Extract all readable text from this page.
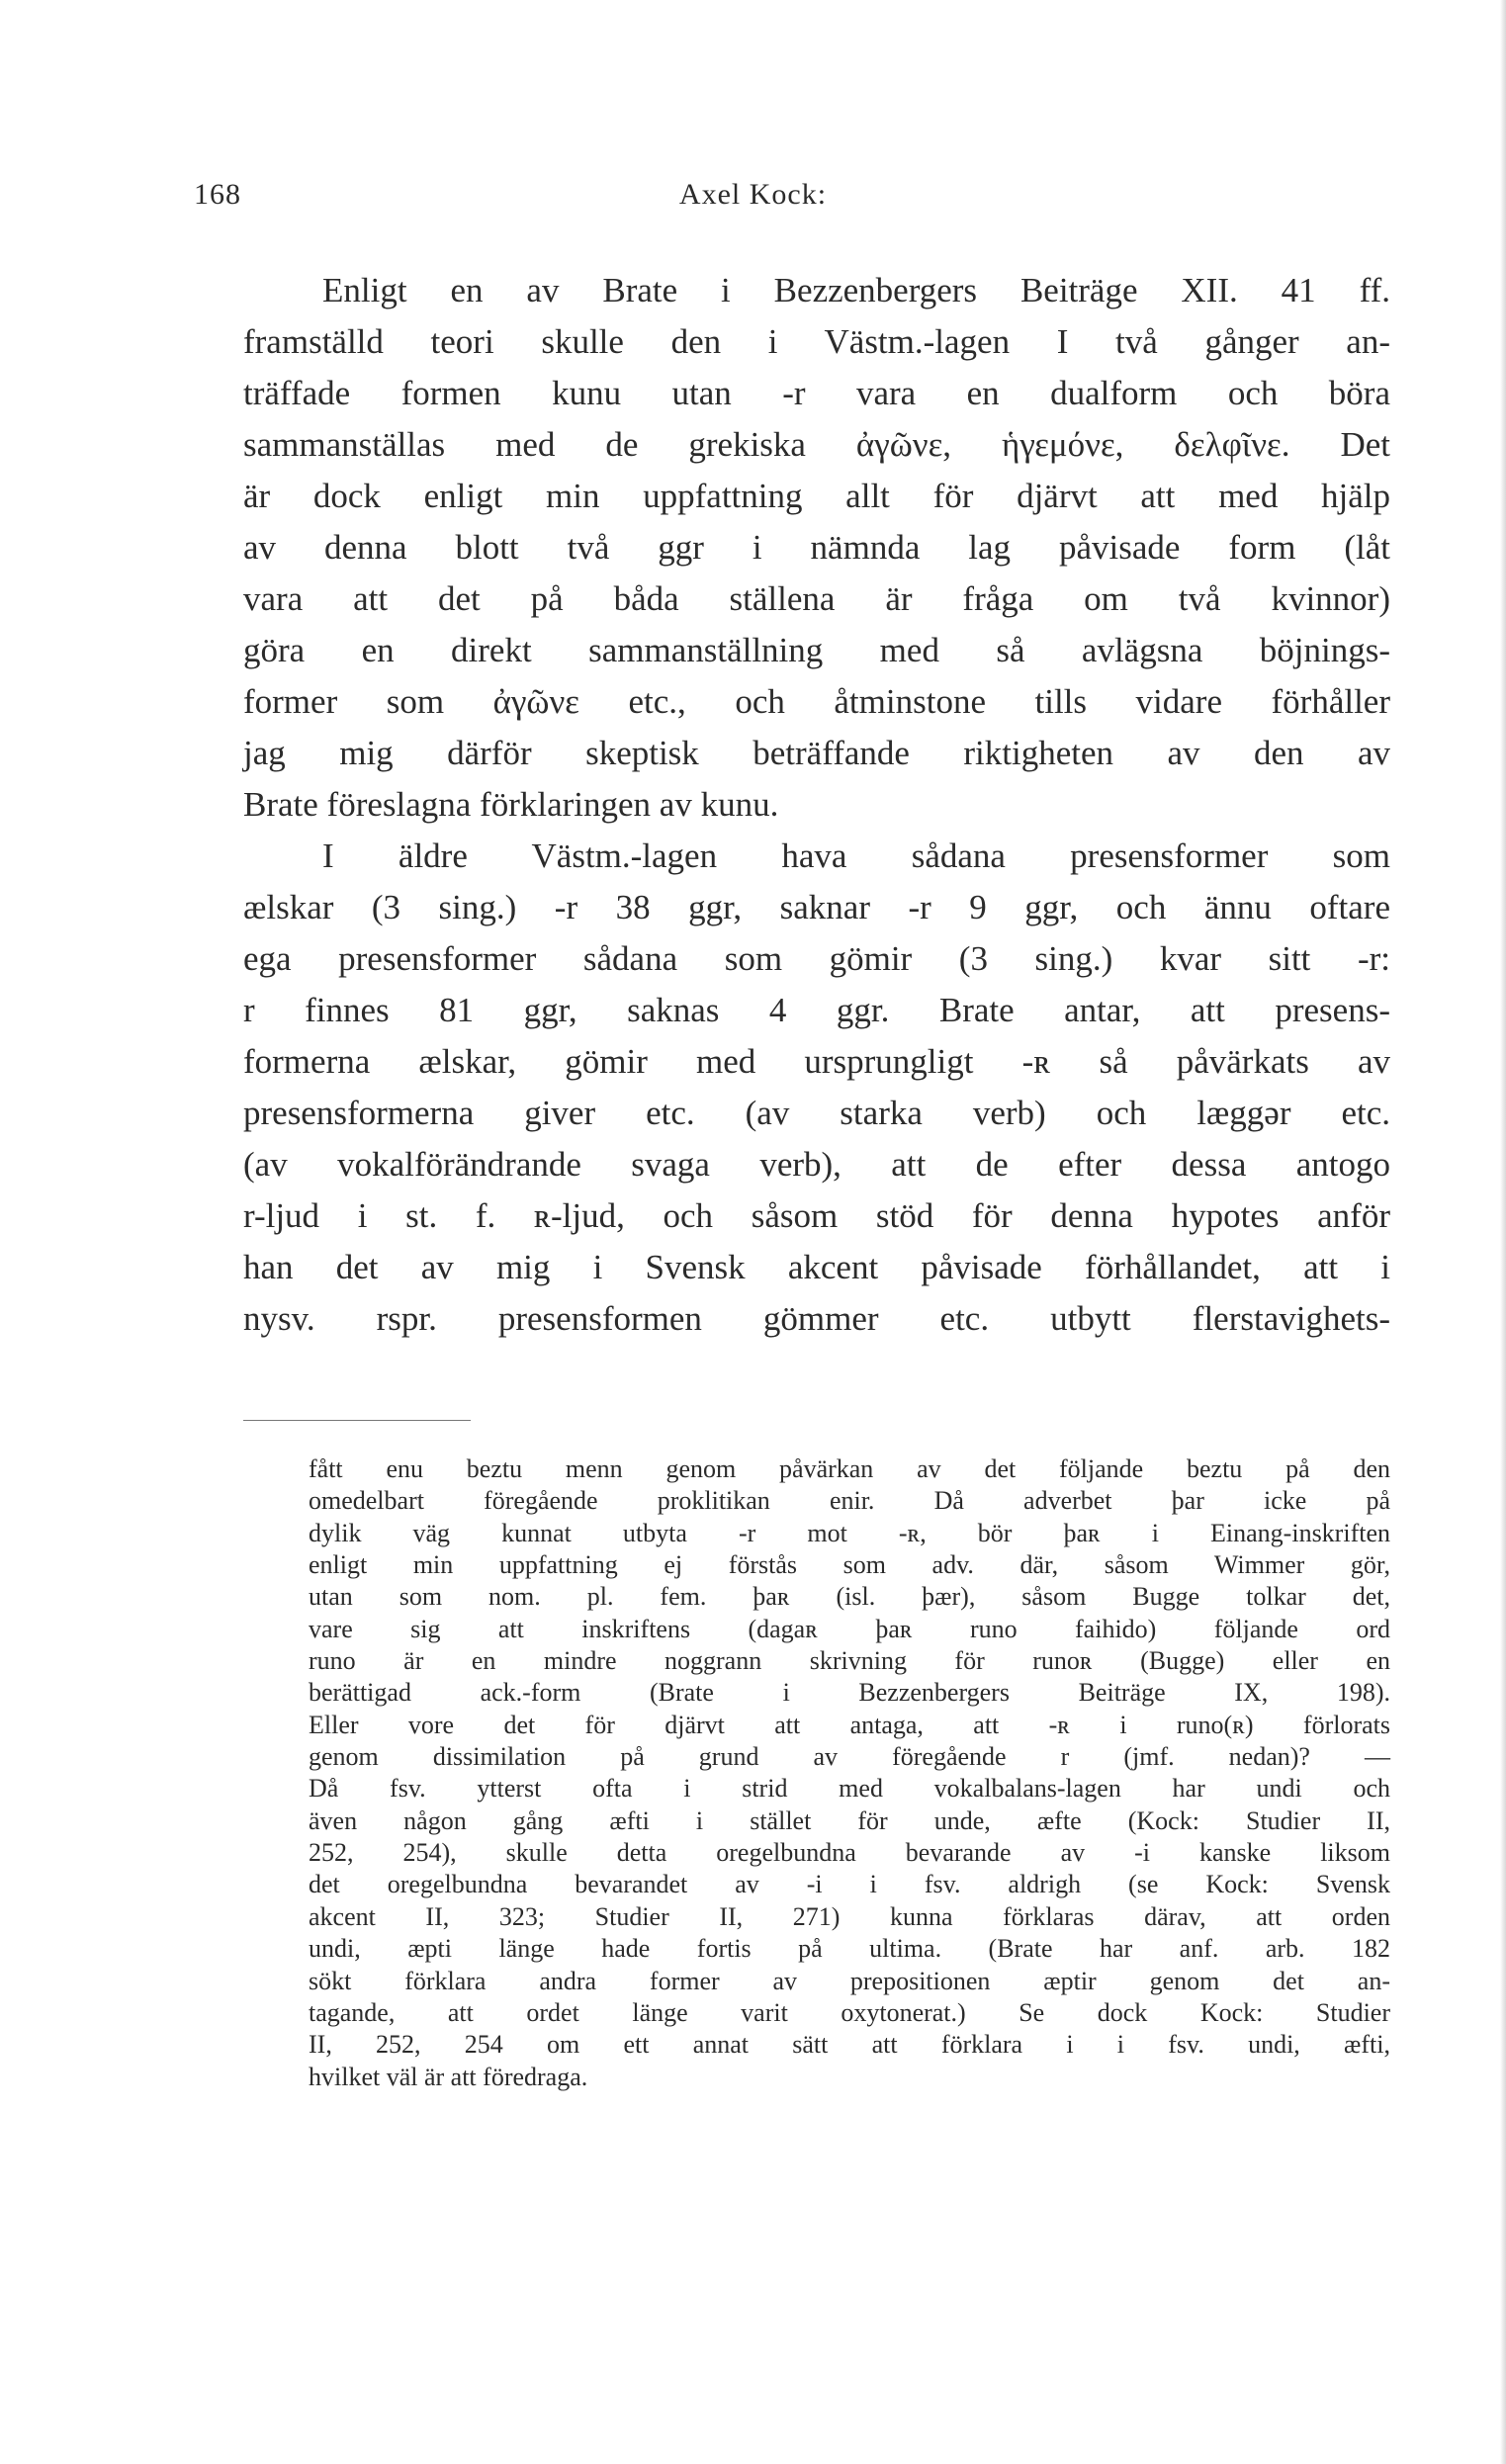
168	Axel Kock:
Enligt en av Brate i Bezzenbergers Beiträge XII. 41 ff.
framställd teori skulle den i Västm.-lagen I två gånger an-
träffade formen kunu utan -r vara en dualform och böra
sammanställas med de grekiska ἀγῶνε, ἡγεμόνε, δελφῖνε. Det
är dock enligt min uppfattning allt för djärvt att med hjälp
av denna blott två ggr i nämnda lag påvisade form (låt
vara att det på båda ställena är fråga om två kvinnor)
göra en direkt sammanställning med så avlägsna böjnings-
former som ἀγῶνε etc., och åtminstone tills vidare förhåller
jag mig därför skeptisk beträffande riktigheten av den av
Brate föreslagna förklaringen av kunu.
I äldre Västm.-lagen hava sådana presensformer som
ælskar (3 sing.) -r 38 ggr, saknar -r 9 ggr, och ännu oftare
ega presensformer sådana som gömir (3 sing.) kvar sitt -r:
r finnes 81 ggr, saknas 4 ggr. Brate antar, att presens-
formerna ælskar, gömir med ursprungligt -ʀ så påvärkats av
presensformerna giver etc. (av starka verb) och læggər etc.
(av vokalförändrande svaga verb), att de efter dessa antogo
r-ljud i st. f. ʀ-ljud, och såsom stöd för denna hypotes anför
han det av mig i Svensk akcent påvisade förhållandet, att i
nysv. rspr. presensformen gömmer etc. utbytt flerstavighets-
fått enu beztu menn genom påvärkan av det följande beztu på den
omedelbart föregående proklitikan enir. Då adverbet þar icke på
dylik väg kunnat utbyta -r mot -ʀ, bör þaʀ i Einang-inskriften
enligt min uppfattning ej förstås som adv. där, såsom Wimmer gör,
utan som nom. pl. fem. þaʀ (isl. þær), såsom Bugge tolkar det,
vare sig att inskriftens (dagaʀ þaʀ runo faihido) följande ord
runo är en mindre noggrann skrivning för runoʀ (Bugge) eller en
berättigad ack.-form (Brate i Bezzenbergers Beiträge IX, 198).
Eller vore det för djärvt att antaga, att -ʀ i runo(ʀ) förlorats
genom dissimilation på grund av föregående r (jmf. nedan)? —
Då fsv. ytterst ofta i strid med vokalbalans-lagen har undi och
även någon gång æfti i stället för unde, æfte (Kock: Studier II,
252, 254), skulle detta oregelbundna bevarande av -i kanske liksom
det oregelbundna bevarandet av -i i fsv. aldrigh (se Kock: Svensk
akcent II, 323; Studier II, 271) kunna förklaras därav, att orden
undi, æpti länge hade fortis på ultima. (Brate har anf. arb. 182
sökt förklara andra former av prepositionen æptir genom det an-
tagande, att ordet länge varit oxytonerat.) Se dock Kock: Studier
II, 252, 254 om ett annat sätt att förklara i i fsv. undi, æfti,
hvilket väl är att föredraga.
